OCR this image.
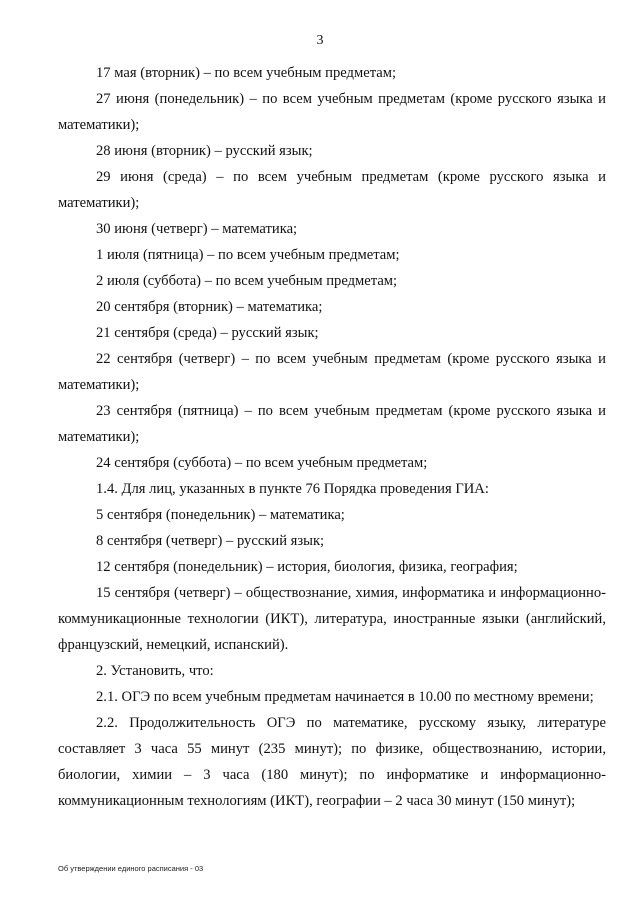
3

17 мая (вторник) – по всем учебным предметам;

27 июня (понедельник) – по всем учебным предметам (кроме русского языка и математики);

28 июня (вторник) – русский язык;

29 июня (среда) – по всем учебным предметам (кроме русского языка и математики);

30 июня (четверг) – математика;

1 июля (пятница) – по всем учебным предметам;

2 июля (суббота) – по всем учебным предметам;

20 сентября (вторник) – математика;

21 сентября (среда) – русский язык;

22 сентября (четверг) – по всем учебным предметам (кроме русского языка и математики);

23 сентября (пятница) – по всем учебным предметам (кроме русского языка и математики);

24 сентября (суббота) – по всем учебным предметам;

1.4. Для лиц, указанных в пункте 76 Порядка проведения ГИА:

5 сентября (понедельник) – математика;

8 сентября (четверг) – русский язык;

12 сентября (понедельник) – история, биология, физика, география;

15 сентября (четверг) – обществознание, химия, информатика и информационно-коммуникационные технологии (ИКТ), литература, иностранные языки (английский, французский, немецкий, испанский).

2. Установить, что:

2.1. ОГЭ по всем учебным предметам начинается в 10.00 по местному времени;

2.2. Продолжительность ОГЭ по математике, русскому языку, литературе составляет 3 часа 55 минут (235 минут); по физике, обществознанию, истории, биологии, химии – 3 часа (180 минут); по информатике и информационно-коммуникационным технологиям (ИКТ), географии – 2 часа 30 минут (150 минут);

Об утверждении единого расписания - 03
